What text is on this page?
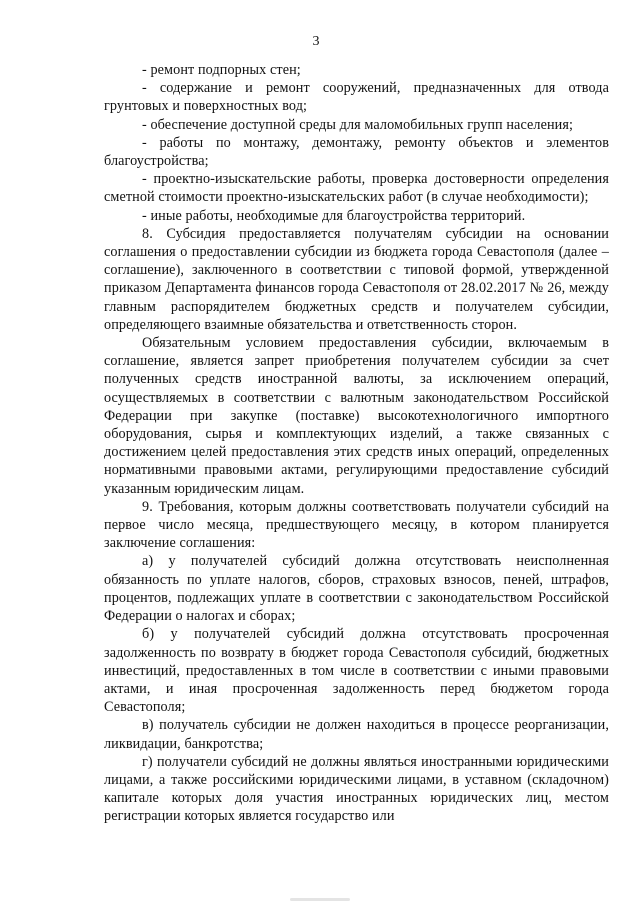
3

- ремонт подпорных стен;

- содержание и ремонт сооружений, предназначенных для отвода грунтовых и поверхностных вод;

- обеспечение доступной среды для маломобильных групп населения;

- работы по монтажу, демонтажу, ремонту объектов и элементов благоустройства;

- проектно-изыскательские работы, проверка достоверности определения сметной стоимости проектно-изыскательских работ (в случае необходимости);

- иные работы, необходимые для благоустройства территорий.

8. Субсидия предоставляется получателям субсидии на основании соглашения о предоставлении субсидии из бюджета города Севастополя (далее – соглашение), заключенного в соответствии с типовой формой, утвержденной приказом Департамента финансов города Севастополя от 28.02.2017 № 26, между главным распорядителем бюджетных средств и получателем субсидии, определяющего взаимные обязательства и ответственность сторон.

Обязательным условием предоставления субсидии, включаемым в соглашение, является запрет приобретения получателем субсидии за счет полученных средств иностранной валюты, за исключением операций, осуществляемых в соответствии с валютным законодательством Российской Федерации при закупке (поставке) высокотехнологичного импортного оборудования, сырья и комплектующих изделий, а также связанных с достижением целей предоставления этих средств иных операций, определенных нормативными правовыми актами, регулирующими предоставление субсидий указанным юридическим лицам.

9. Требования, которым должны соответствовать получатели субсидий на первое число месяца, предшествующего месяцу, в котором планируется заключение соглашения:

а) у получателей субсидий должна отсутствовать неисполненная обязанность по уплате налогов, сборов, страховых взносов, пеней, штрафов, процентов, подлежащих уплате в соответствии с законодательством Российской Федерации о налогах и сборах;

б) у получателей субсидий должна отсутствовать просроченная задолженность по возврату в бюджет города Севастополя субсидий, бюджетных инвестиций, предоставленных в том числе в соответствии с иными правовыми актами, и иная просроченная задолженность перед бюджетом города Севастополя;

в) получатель субсидии не должен находиться в процессе реорганизации, ликвидации, банкротства;

г) получатели субсидий не должны являться иностранными юридическими лицами, а также российскими юридическими лицами, в уставном (складочном) капитале которых доля участия иностранных юридических лиц, местом регистрации которых является государство или
